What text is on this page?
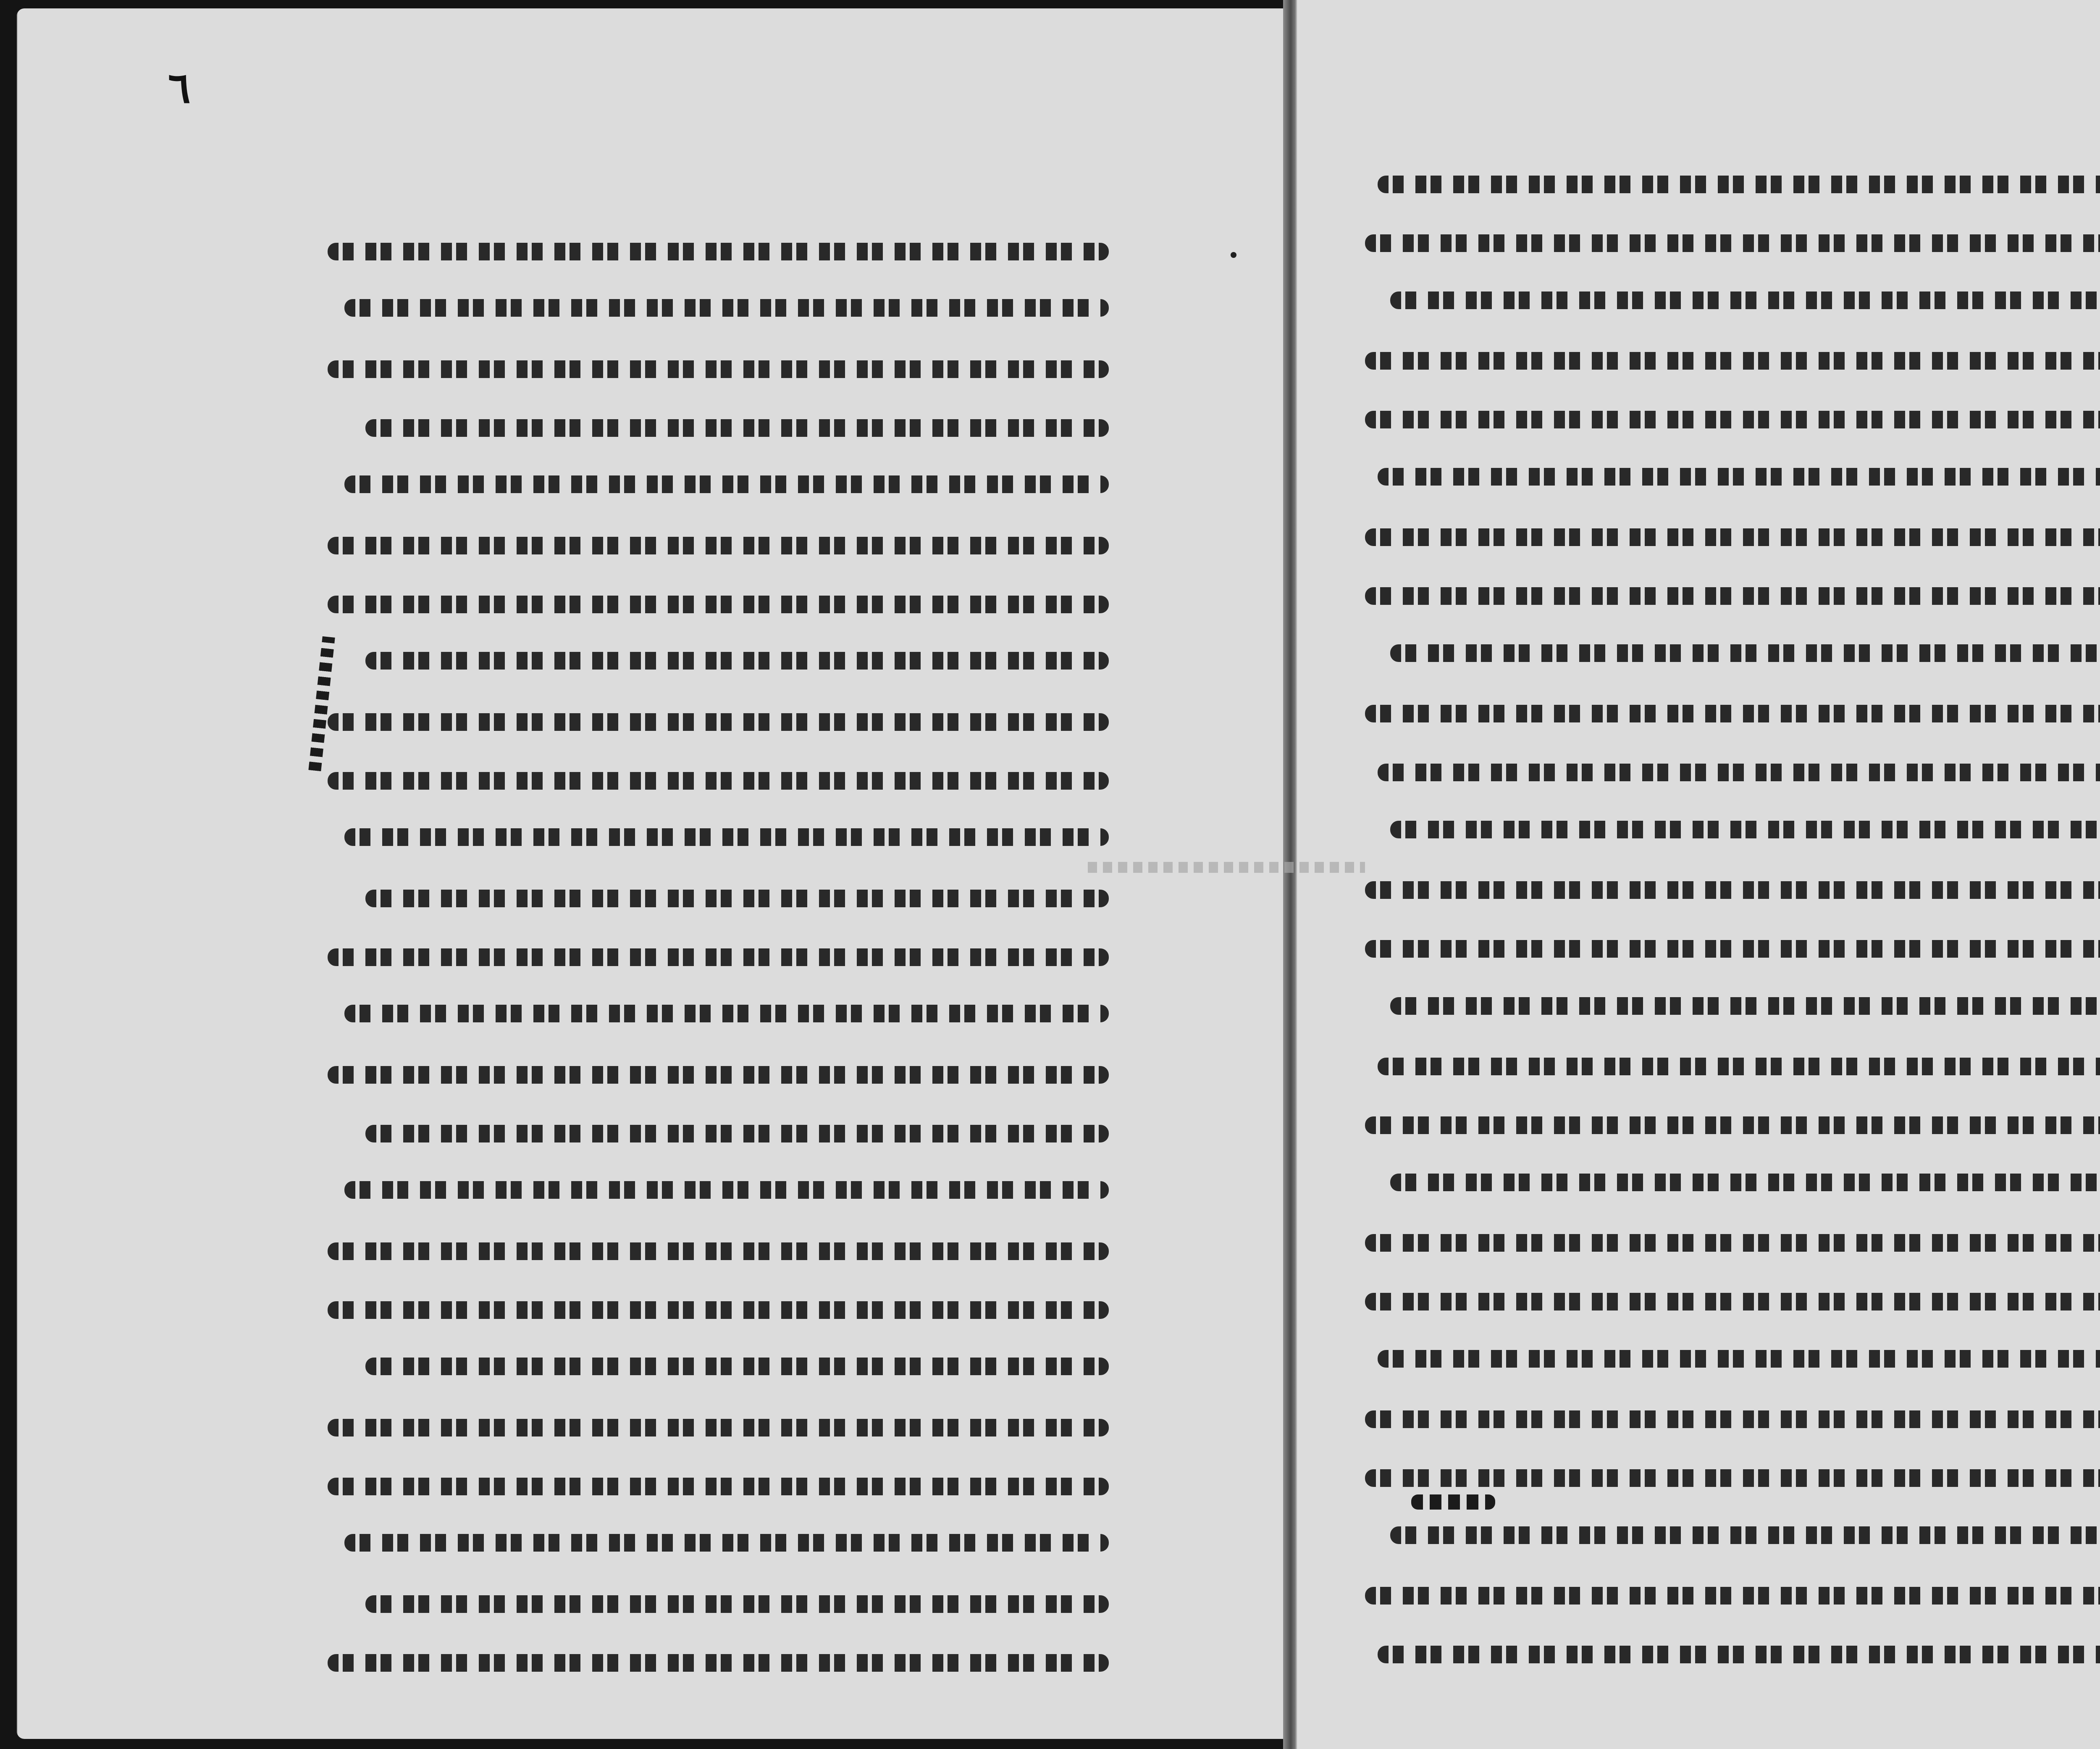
٦
